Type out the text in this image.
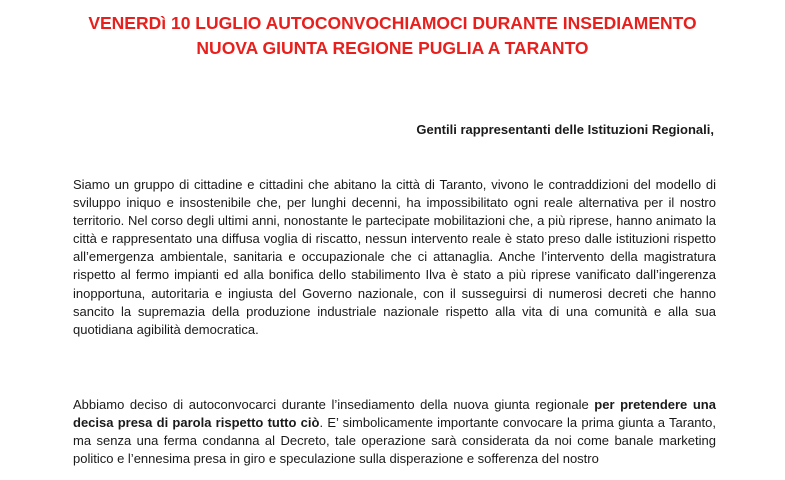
VENERDì 10 LUGLIO AUTOCONVOCHIAMOCI DURANTE INSEDIAMENTO
NUOVA GIUNTA REGIONE PUGLIA A TARANTO
Gentili rappresentanti delle Istituzioni Regionali,
Siamo un gruppo di cittadine e cittadini che abitano la città di Taranto, vivono le contraddizioni del modello di sviluppo iniquo e insostenibile che, per lunghi decenni, ha impossibilitato ogni reale alternativa per il nostro territorio. Nel corso degli ultimi anni, nonostante le partecipate mobilitazioni che, a più riprese, hanno animato la città e rappresentato una diffusa voglia di riscatto, nessun intervento reale è stato preso dalle istituzioni rispetto all’emergenza ambientale, sanitaria e occupazionale che ci attanaglia. Anche l’intervento della magistratura rispetto al fermo impianti ed alla bonifica dello stabilimento Ilva è stato a più riprese vanificato dall’ingerenza inopportuna, autoritaria e ingiusta del Governo nazionale, con il susseguirsi di numerosi decreti che hanno sancito la supremazia della produzione industriale nazionale rispetto alla vita di una comunità e alla sua quotidiana agibilità democratica.
Abbiamo deciso di autoconvocarci durante l’insediamento della nuova giunta regionale per pretendere una decisa presa di parola rispetto tutto ciò. E’ simbolicamente importante convocare la prima giunta a Taranto, ma senza una ferma condanna al Decreto, tale operazione sarà considerata da noi come banale marketing politico e l’ennesima presa in giro e speculazione sulla disperazione e sofferenza del nostro
